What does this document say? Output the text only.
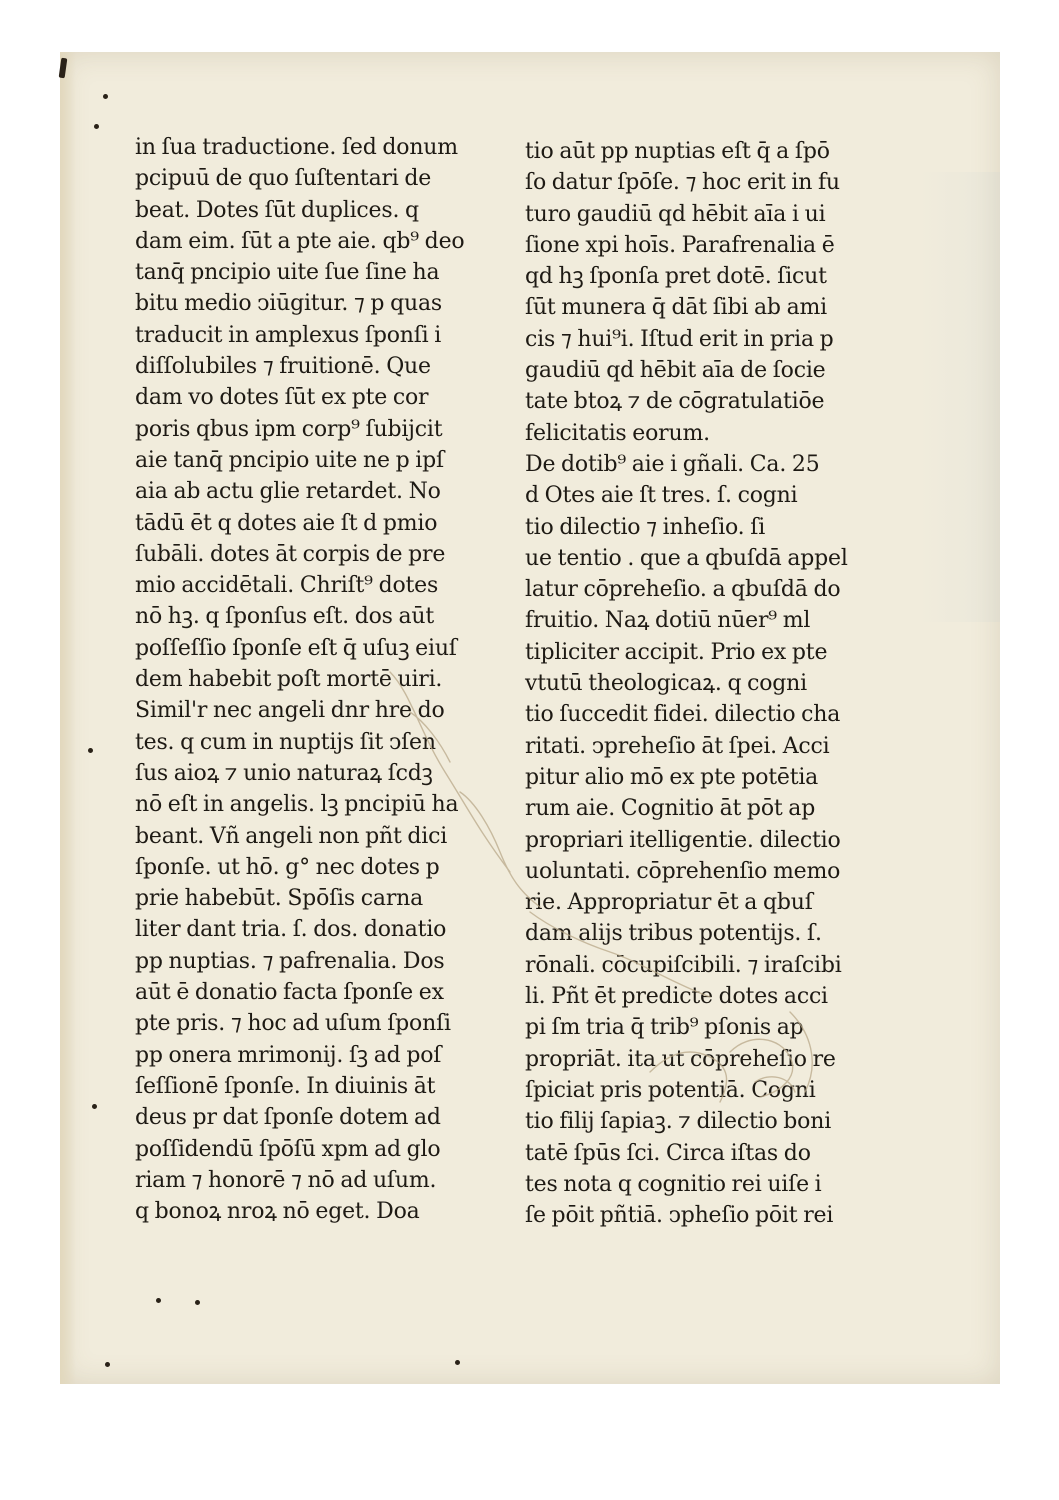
in ſua traductione. ſed donum
pcipuū de quo ſuſtentari de
beat. Dotes ſūt duplices. q
dam eim. ſūt a pte aie. qb⁹ deo
tanq̄ pncipio uite ſue ſine ha
bitu medio ↄiūgitur. ⁊ p quas
traducit in amplexus ſponſi i
diſſolubiles ⁊ fruitionē. Que
dam vo dotes ſūt ex pte cor
poris qbus ipm corp⁹ ſubijcit
aie tanq̄ pncipio uite ne p ipſ
aia ab actu glie retardet. No
tādū ēt q dotes aie ſt d pmio
ſubāli. dotes āt corpis de pre
mio accidētali. Chriſt⁹ dotes
nō hꝫ. q ſponſus eſt. dos aūt
poſſeſſio ſponſe eſt q̄ uſuꝫ eiuſ
dem habebit poſt mortē uiri.
Simil'r nec angeli dnr hre do
tes. q cum in nuptijs ſit ↄſen
ſus aioꝝ ⁊ unio naturaꝝ ſcdꝫ
nō eſt in angelis. lꝫ pncipiū ha
beant. Vñ angeli non pñt dici
ſponſe. ut hō. g° nec dotes p
prie habebūt. Spōſis carna
liter dant tria. ſ. dos. donatio
pp nuptias. ⁊ pafrenalia. Dos
aūt ē donatio facta ſponſe ex
pte pris. ⁊ hoc ad uſum ſponſi
pp onera mrimonij. ſꝫ ad poſ
ſeſſionē ſponſe. In diuinis āt
deus pr dat ſponſe dotem ad
poſſidendū ſpōſū xpm ad glo
riam ⁊ honorē ⁊ nō ad uſum.
q bonoꝝ nroꝝ nō eget. Doa
tio aūt pp nuptias eſt q̄ a ſpō
ſo datur ſpōſe. ⁊ hoc erit in fu
turo gaudiū qd hēbit aīa i ui
ſione xpi hoīs. Parafrenalia ē
qd hꝫ ſponſa pret dotē. ſicut
ſūt munera q̄ dāt ſibi ab ami
cis ⁊ hui⁹i. Iſtud erit in pria p
gaudiū qd hēbit aīa de ſocie
tate btoꝝ ⁊ de cōgratulatiōe
felicitatis eorum.
De dotib⁹ aie i gñali. Ca. 25
d Otes aie ſt tres. ſ. cogni
tio dilectio ⁊ inheſio. ſi
ue tentio . que a qbuſdā appel
latur cōpreheſio. a qbuſdā do
fruitio. Naꝝ dotiū nūer⁹ ml
tipliciter accipit. Prio ex pte
vtutū theologicaꝝ. q cogni
tio ſuccedit fidei. dilectio cha
ritati. ↄpreheſio āt ſpei. Acci
pitur alio mō ex pte potētia
rum aie. Cognitio āt pōt ap
propriari itelligentie. dilectio
uoluntati. cōprehenſio memo
rie. Appropriatur ēt a qbuſ
dam alijs tribus potentijs. ſ.
rōnali. cōcupiſcibili. ⁊ iraſcibi
li. Pñt ēt predicte dotes acci
pi ſm tria q̄ trib⁹ pſonis ap
propriāt. ita ut cōpreheſio re
ſpiciat pris potentiā. Cogni
tio filij ſapiaꝫ. ⁊ dilectio boni
tatē ſpūs ſci. Circa iſtas do
tes nota q cognitio rei uiſe i
ſe pōit pñtiā. ↄpheſio pōit rei
